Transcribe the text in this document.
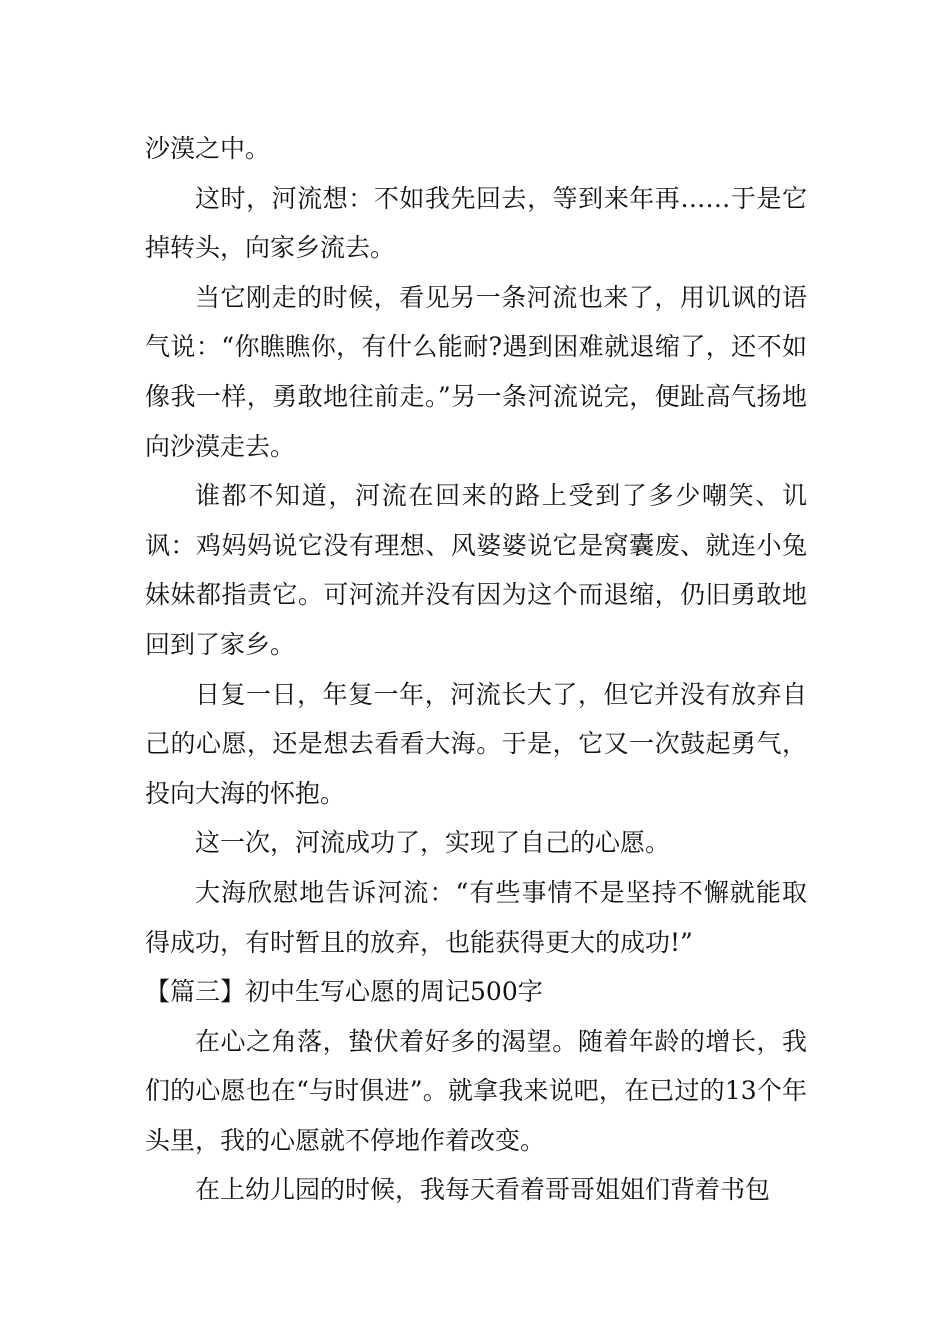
沙漠之中。

这时，河流想：不如我先回去，等到来年再……于是它掉转头，向家乡流去。

当它刚走的时候，看见另一条河流也来了，用讥讽的语气说：“你瞧瞧你，有什么能耐?遇到困难就退缩了，还不如像我一样，勇敢地往前走。”另一条河流说完，便趾高气扬地向沙漠走去。

谁都不知道，河流在回来的路上受到了多少嘲笑、讥讽：鸡妈妈说它没有理想、风婆婆说它是窝囊废、就连小兔妹妹都指责它。可河流并没有因为这个而退缩，仍旧勇敢地回到了家乡。

日复一日，年复一年，河流长大了，但它并没有放弃自己的心愿，还是想去看看大海。于是，它又一次鼓起勇气，投向大海的怀抱。

这一次，河流成功了，实现了自己的心愿。

大海欣慰地告诉河流：“有些事情不是坚持不懈就能取得成功，有时暂且的放弃，也能获得更大的成功!”

【篇三】初中生写心愿的周记500字

在心之角落，蛰伏着好多的渴望。随着年龄的增长，我们的心愿也在“与时俱进”。就拿我来说吧，在已过的13个年头里，我的心愿就不停地作着改变。

在上幼儿园的时候，我每天看着哥哥姐姐们背着书包
